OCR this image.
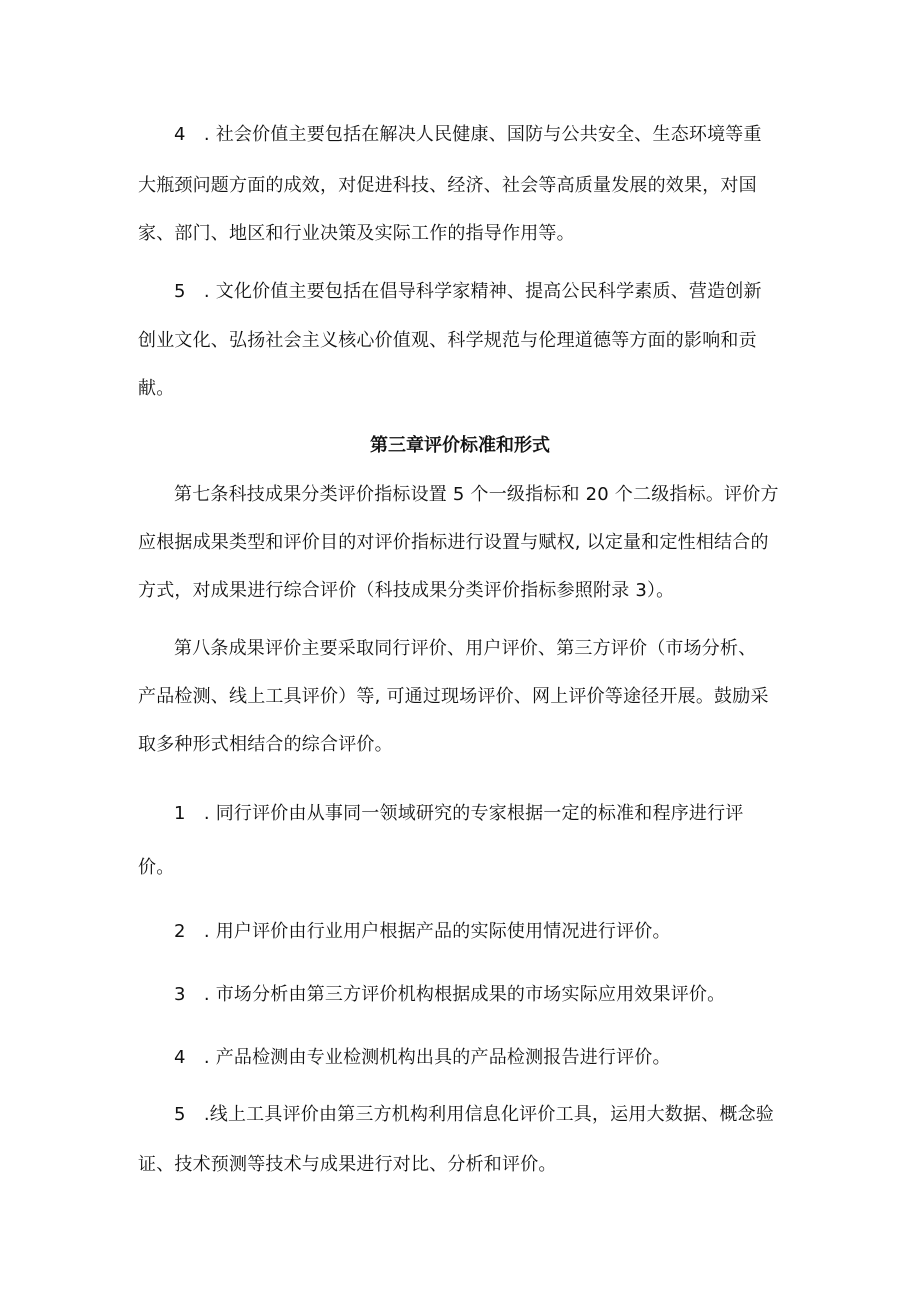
4　. 社会价值主要包括在解决人民健康、国防与公共安全、生态环境等重
大瓶颈问题方面的成效，对促进科技、经济、社会等高质量发展的效果，对国
家、部门、地区和行业决策及实际工作的指导作用等。
5　. 文化价值主要包括在倡导科学家精神、提高公民科学素质、营造创新
创业文化、弘扬社会主义核心价值观、科学规范与伦理道德等方面的影响和贡
献。
第三章评价标准和形式
第七条科技成果分类评价指标设置 5 个一级指标和 20 个二级指标。评价方
应根据成果类型和评价目的对评价指标进行设置与赋权, 以定量和定性相结合的
方式，对成果进行综合评价（科技成果分类评价指标参照附录 3）。
第八条成果评价主要采取同行评价、用户评价、第三方评价（市场分析、
产品检测、线上工具评价）等, 可通过现场评价、网上评价等途径开展。鼓励采
取多种形式相结合的综合评价。
1　. 同行评价由从事同一领域研究的专家根据一定的标准和程序进行评
价。
2　. 用户评价由行业用户根据产品的实际使用情况进行评价。
3　. 市场分析由第三方评价机构根据成果的市场实际应用效果评价。
4　. 产品检测由专业检测机构出具的产品检测报告进行评价。
5　.线上工具评价由第三方机构利用信息化评价工具，运用大数据、概念验
证、技术预测等技术与成果进行对比、分析和评价。
